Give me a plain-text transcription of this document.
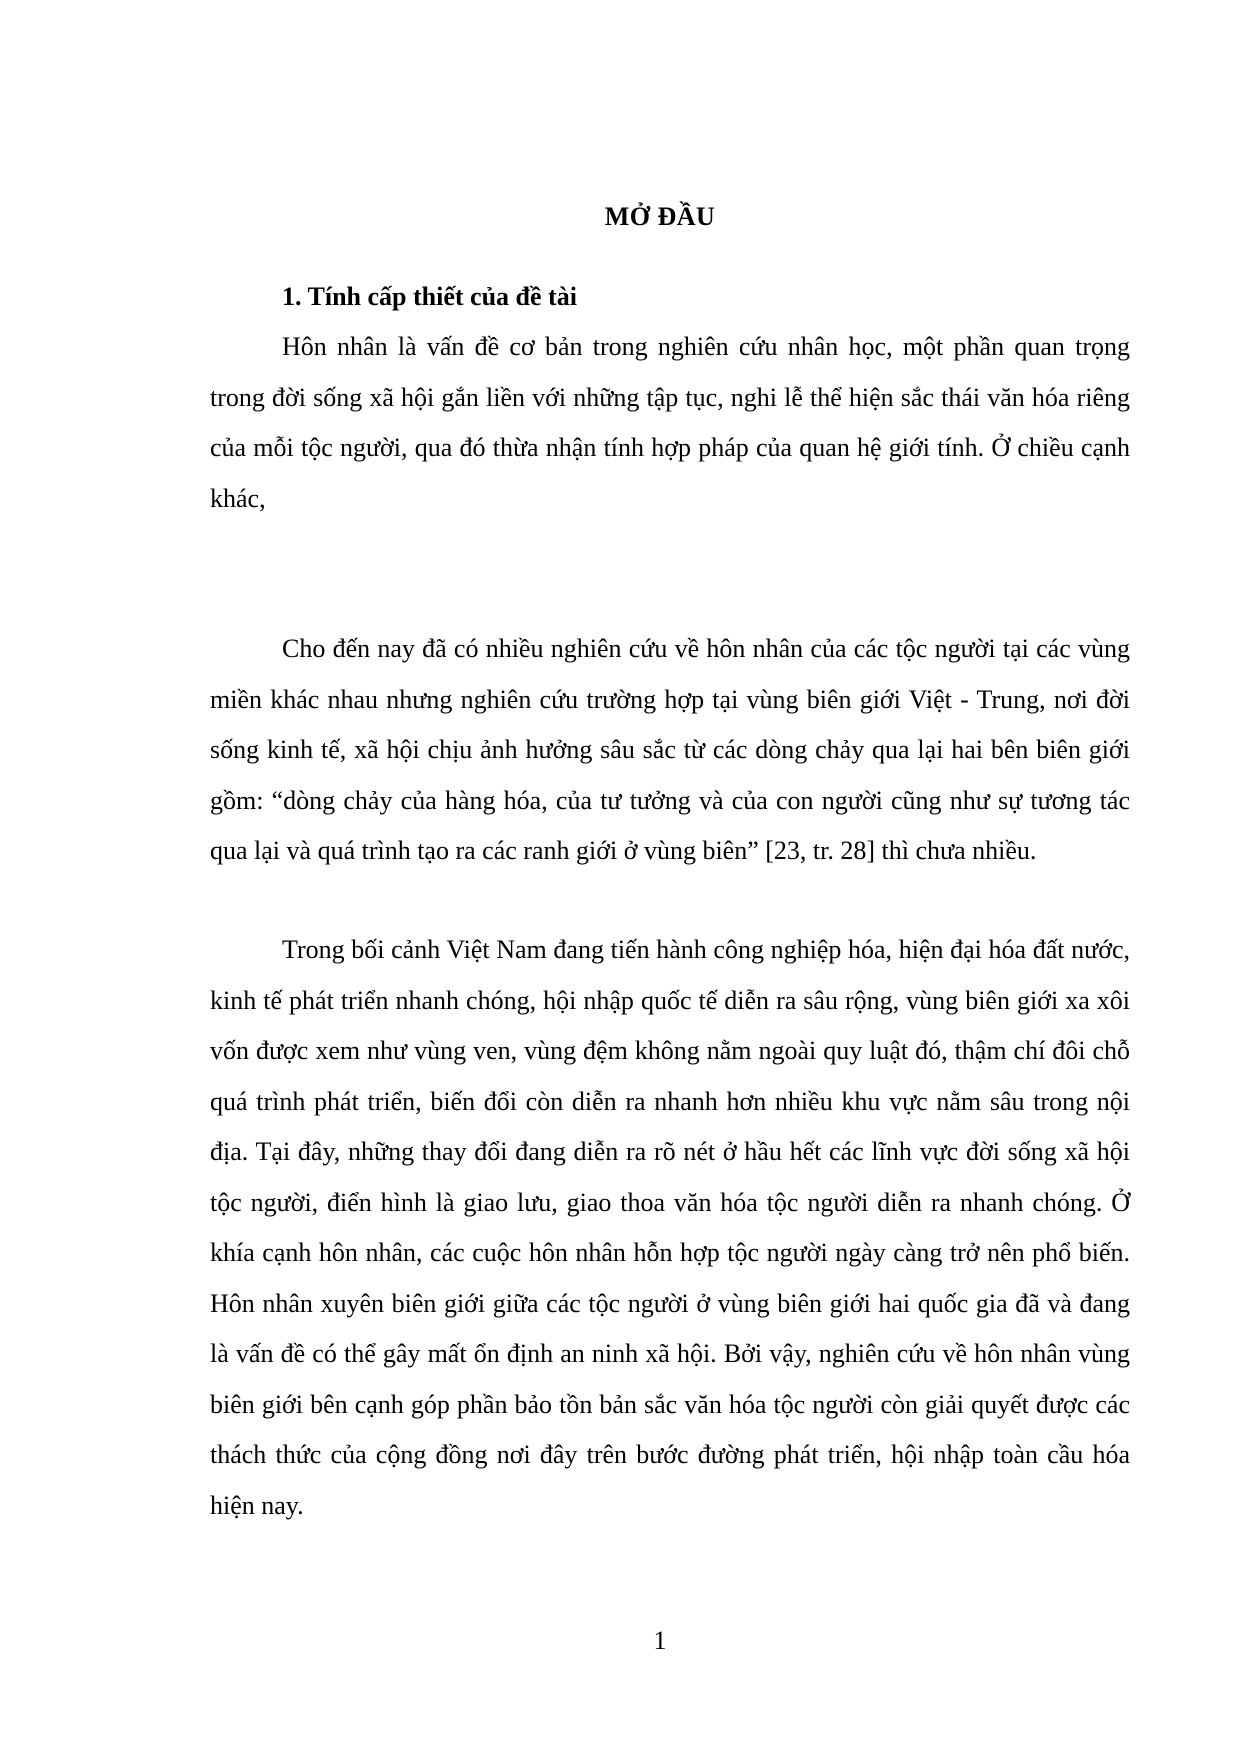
MỞ ĐẦU
1. Tính cấp thiết của đề tài

Hôn nhân là vấn đề cơ bản trong nghiên cứu nhân học, một phần quan trọng trong đời sống xã hội gắn liền với những tập tục, nghi lễ thể hiện sắc thái văn hóa riêng của mỗi tộc người, qua đó thừa nhận tính hợp pháp của quan hệ giới tính. Ở chiều cạnh khác,

Cho đến nay đã có nhiều nghiên cứu về hôn nhân của các tộc người tại các vùng miền khác nhau nhưng nghiên cứu trường hợp tại vùng biên giới Việt - Trung, nơi đời sống kinh tế, xã hội chịu ảnh hưởng sâu sắc từ các dòng chảy qua lại hai bên biên giới gồm: “dòng chảy của hàng hóa, của tư tưởng và của con người cũng như sự tương tác qua lại và quá trình tạo ra các ranh giới ở vùng biên” [23, tr. 28] thì chưa nhiều.

Trong bối cảnh Việt Nam đang tiến hành công nghiệp hóa, hiện đại hóa đất nước, kinh tế phát triển nhanh chóng, hội nhập quốc tế diễn ra sâu rộng, vùng biên giới xa xôi vốn được xem như vùng ven, vùng đệm không nằm ngoài quy luật đó, thậm chí đôi chỗ quá trình phát triển, biến đổi còn diễn ra nhanh hơn nhiều khu vực nằm sâu trong nội địa. Tại đây, những thay đổi đang diễn ra rõ nét ở hầu hết các lĩnh vực đời sống xã hội tộc người, điển hình là giao lưu, giao thoa văn hóa tộc người diễn ra nhanh chóng. Ở khía cạnh hôn nhân, các cuộc hôn nhân hỗn hợp tộc người ngày càng trở nên phổ biến. Hôn nhân xuyên biên giới giữa các tộc người ở vùng biên giới hai quốc gia đã và đang là vấn đề có thể gây mất ổn định an ninh xã hội. Bởi vậy, nghiên cứu về hôn nhân vùng biên giới bên cạnh góp phần bảo tồn bản sắc văn hóa tộc người còn giải quyết được các thách thức của cộng đồng nơi đây trên bước đường phát triển, hội nhập toàn cầu hóa hiện nay.

1
